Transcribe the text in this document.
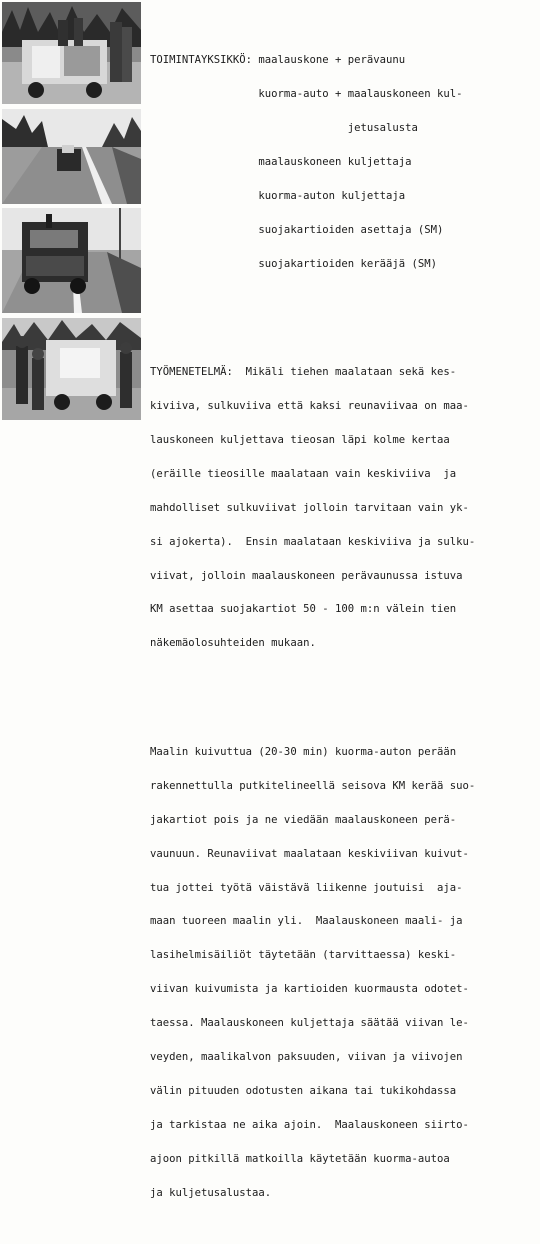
TOIMINTAYKSIKKÖ: maalauskone + perävaunu

kuorma-auto + maalauskoneen kul-

jetusalusta

maalauskoneen kuljettaja

kuorma-auton kuljettaja

suojakartioiden asettaja (SM)

suojakartioiden kerääjä (SM)

TYÖMENETELMÄ:  Mikäli tiehen maalataan sekä kes-

kiviiva, sulkuviiva että kaksi reunaviivaa on maa-

lauskoneen kuljettava tieosan läpi kolme kertaa

(eräille tieosille maalataan vain keskiviiva  ja

mahdolliset sulkuviivat jolloin tarvitaan vain yk-

si ajokerta).  Ensin maalataan keskiviiva ja sulku-

viivat, jolloin maalauskoneen perävaunussa istuva

KM asettaa suojakartiot 50 - 100 m:n välein tien

näkemäolosuhteiden mukaan.

Maalin kuivuttua (20-30 min) kuorma-auton perään

rakennettulla putkitelineellä seisova KM kerää suo-

jakartiot pois ja ne viedään maalauskoneen perä-

vaunuun. Reunaviivat maalataan keskiviivan kuivut-

tua jottei työtä väistävä liikenne joutuisi  aja-

maan tuoreen maalin yli.  Maalauskoneen maali- ja

lasihelmisäiliöt täytetään (tarvittaessa) keski-

viivan kuivumista ja kartioiden kuormausta odotet-

taessa. Maalauskoneen kuljettaja säätää viivan le-

veyden, maalikalvon paksuuden, viivan ja viivojen

välin pituuden odotusten aikana tai tukikohdassa

ja tarkistaa ne aika ajoin.  Maalauskoneen siirto-

ajoon pitkillä matkoilla käytetään kuorma-autoa

ja kuljetusalustaa.
